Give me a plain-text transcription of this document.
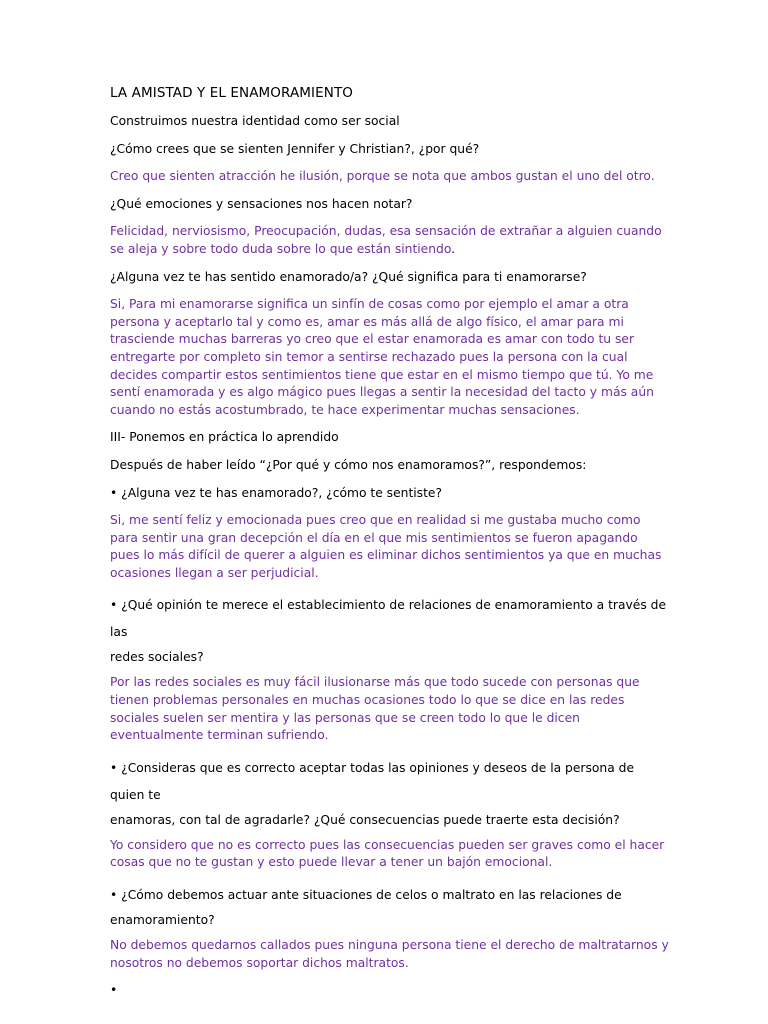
LA AMISTAD Y EL ENAMORAMIENTO
Construimos nuestra identidad como ser social
¿Cómo crees que se sienten Jennifer y Christian?, ¿por qué?
Creo que sienten atracción he ilusión, porque se nota que ambos gustan el uno del otro.
¿Qué emociones y sensaciones nos hacen notar?
Felicidad, nerviosismo, Preocupación, dudas, esa sensación de extrañar a alguien cuando se aleja y sobre todo duda sobre lo que están sintiendo.
¿Alguna vez te has sentido enamorado/a? ¿Qué significa para ti enamorarse?
Si, Para mi enamorarse significa un sinfín de cosas como por ejemplo el amar a otra persona y aceptarlo tal y como es, amar es más allá de algo físico, el amar para mi trasciende muchas barreras yo creo que el estar enamorada es amar con todo tu ser entregarte por completo sin temor a sentirse rechazado pues la persona con la cual decides compartir estos sentimientos tiene que estar en el mismo tiempo que tú. Yo me sentí enamorada y es algo mágico pues llegas a sentir la necesidad del tacto y más aún cuando no estás acostumbrado, te hace experimentar muchas sensaciones.
III- Ponemos en práctica lo aprendido
Después de haber leído “¿Por qué y cómo nos enamoramos?”, respondemos:
• ¿Alguna vez te has enamorado?, ¿cómo te sentiste?
Si, me sentí feliz y emocionada pues creo que en realidad si me gustaba mucho como para sentir una gran decepción el día en el que mis sentimientos se fueron apagando pues lo más difícil de querer a alguien es eliminar dichos sentimientos ya que en muchas ocasiones llegan a ser perjudicial.
• ¿Qué opinión te merece el establecimiento de relaciones de enamoramiento a través de las
redes sociales?
Por las redes sociales es muy fácil ilusionarse más que todo sucede con personas que tienen problemas personales en muchas ocasiones todo lo que se dice en las redes sociales suelen ser mentira y las personas que se creen todo lo que le dicen eventualmente terminan sufriendo.
• ¿Consideras que es correcto aceptar todas las opiniones y deseos de la persona de quien te
enamoras, con tal de agradarle? ¿Qué consecuencias puede traerte esta decisión?
Yo considero que no es correcto pues las consecuencias pueden ser graves como el hacer cosas que no te gustan y esto puede llevar a tener un bajón emocional.
• ¿Cómo debemos actuar ante situaciones de celos o maltrato en las relaciones de
enamoramiento?
No debemos quedarnos callados pues ninguna persona tiene el derecho de maltratarnos y nosotros no debemos soportar dichos maltratos.
•
